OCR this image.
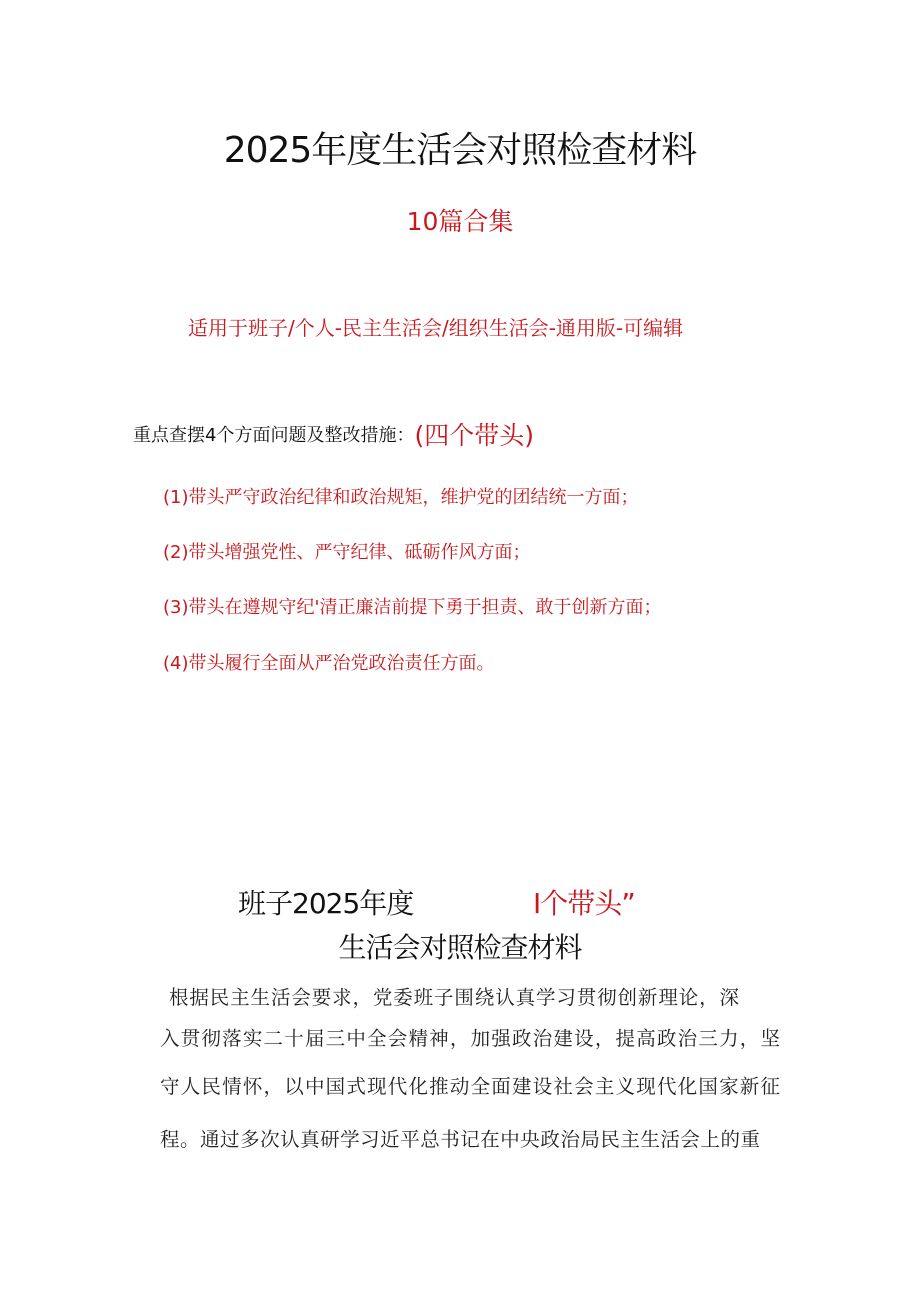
2025年度生活会对照检查材料
10篇合集
适用于班子/个人-民主生活会/组织生活会-通用版-可编辑
重点查摆4个方面问题及整改措施：(四个带头)
(1)带头严守政治纪律和政治规矩，维护党的团结统一方面；
(2)带头增强党性、严守纪律、砥砺作风方面；
(3)带头在遵规守纪'清正廉洁前提下勇于担责、敢于创新方面；
(4)带头履行全面从严治党政治责任方面。
班子2025年度	I个带头”
生活会对照检查材料
根据民主生活会要求，党委班子围绕认真学习贯彻创新理论，深
入贯彻落实二十届三中全会精神，加强政治建设，提高政治三力，坚
守人民情怀，以中国式现代化推动全面建设社会主义现代化国家新征
程。通过多次认真研学习近平总书记在中央政治局民主生活会上的重
